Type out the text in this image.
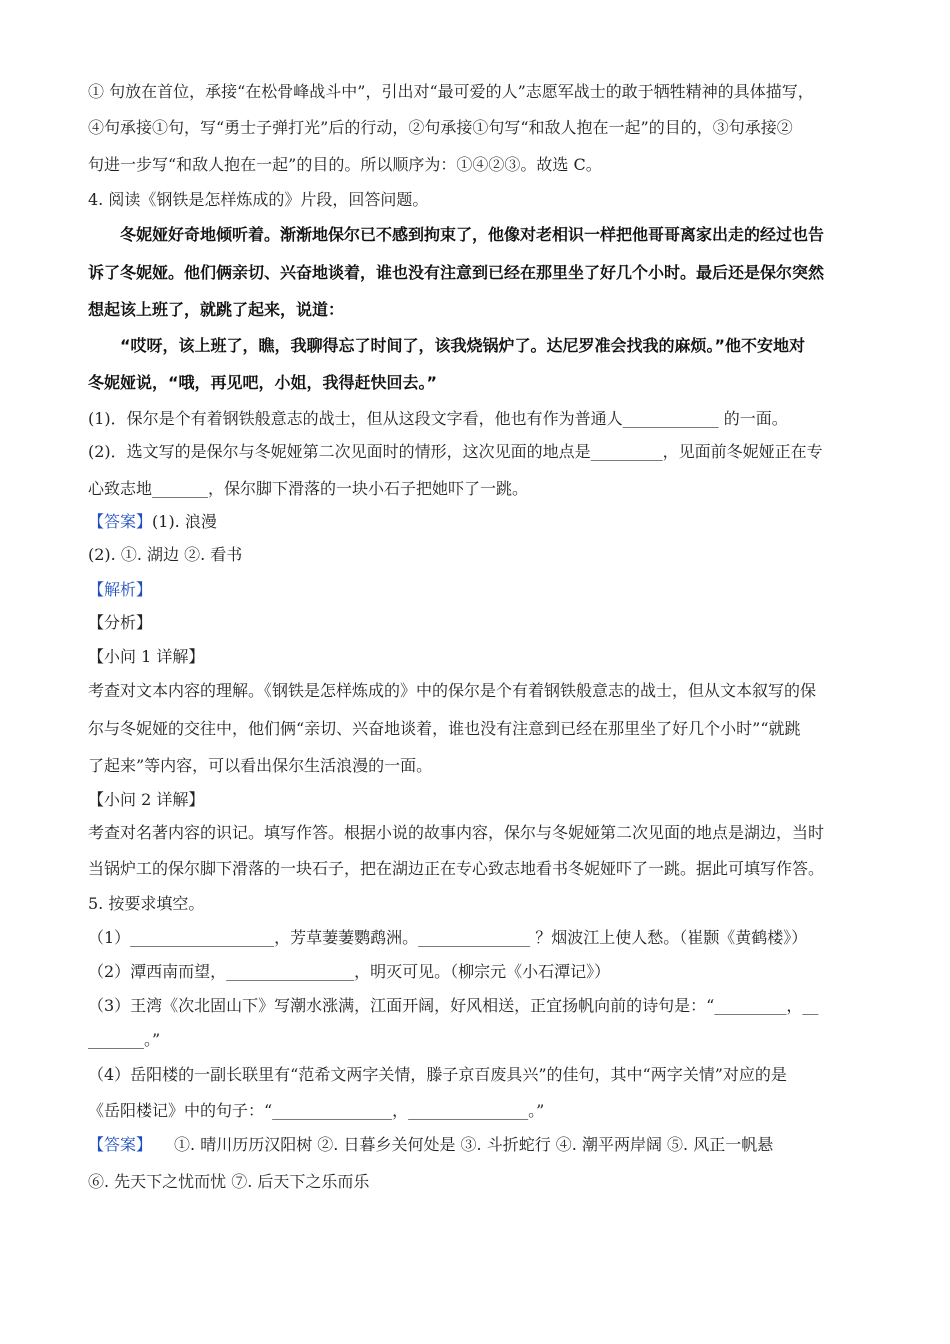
① 句放在首位，承接“在松骨峰战斗中”，引出对“最可爱的人”志愿军战士的敢于牺牲精神的具体描写，
④句承接①句，写“勇士子弹打光”后的行动，②句承接①句写“和敌人抱在一起”的目的，③句承接②
句进一步写“和敌人抱在一起”的目的。所以顺序为：①④②③。故选 C。
4. 阅读《钢铁是怎样炼成的》片段，回答问题。
冬妮娅好奇地倾听着。渐渐地保尔已不感到拘束了，他像对老相识一样把他哥哥离家出走的经过也告
诉了冬妮娅。他们俩亲切、兴奋地谈着，谁也没有注意到已经在那里坐了好几个小时。最后还是保尔突然
想起该上班了，就跳了起来，说道：
“哎呀，该上班了，瞧，我聊得忘了时间了，该我烧锅炉了。达尼罗准会找我的麻烦。”他不安地对
冬妮娅说，“哦，再见吧，小姐，我得赶快回去。”
(1)．保尔是个有着钢铁般意志的战士，但从这段文字看，他也有作为普通人____________ 的一面。
(2)．选文写的是保尔与冬妮娅第二次见面时的情形，这次见面的地点是_________，见面前冬妮娅正在专
心致志地_______，保尔脚下滑落的一块小石子把她吓了一跳。
【答案】(1). 浪漫
(2). ①. 湖边 ②. 看书
【解析】
【分析】
【小问 1 详解】
考查对文本内容的理解。《钢铁是怎样炼成的》中的保尔是个有着钢铁般意志的战士，但从文本叙写的保
尔与冬妮娅的交往中，他们俩“亲切、兴奋地谈着，谁也没有注意到已经在那里坐了好几个小时”“就跳
了起来”等内容，可以看出保尔生活浪漫的一面。
【小问 2 详解】
考查对名著内容的识记。填写作答。根据小说的故事内容，保尔与冬妮娅第二次见面的地点是湖边，当时
当锅炉工的保尔脚下滑落的一块石子，把在湖边正在专心致志地看书冬妮娅吓了一跳。据此可填写作答。
5. 按要求填空。
（1）__________________，芳草萋萋鹦鹉洲。______________ ？烟波江上使人愁。（崔颢《黄鹤楼》）
（2）潭西南而望，________________，明灭可见。（柳宗元《小石潭记》）
（3）王湾《次北固山下》写潮水涨满，江面开阔，好风相送，正宜扬帆向前的诗句是：“_________，__
_______。”
（4）岳阳楼的一副长联里有“范希文两字关情，滕子京百废具兴”的佳句，其中“两字关情”对应的是
《岳阳楼记》中的句子：“_______________，_______________。”
【答案】 ①. 晴川历历汉阳树 ②. 日暮乡关何处是 ③. 斗折蛇行 ④. 潮平两岸阔 ⑤. 风正一帆悬
⑥. 先天下之忧而忧 ⑦. 后天下之乐而乐
